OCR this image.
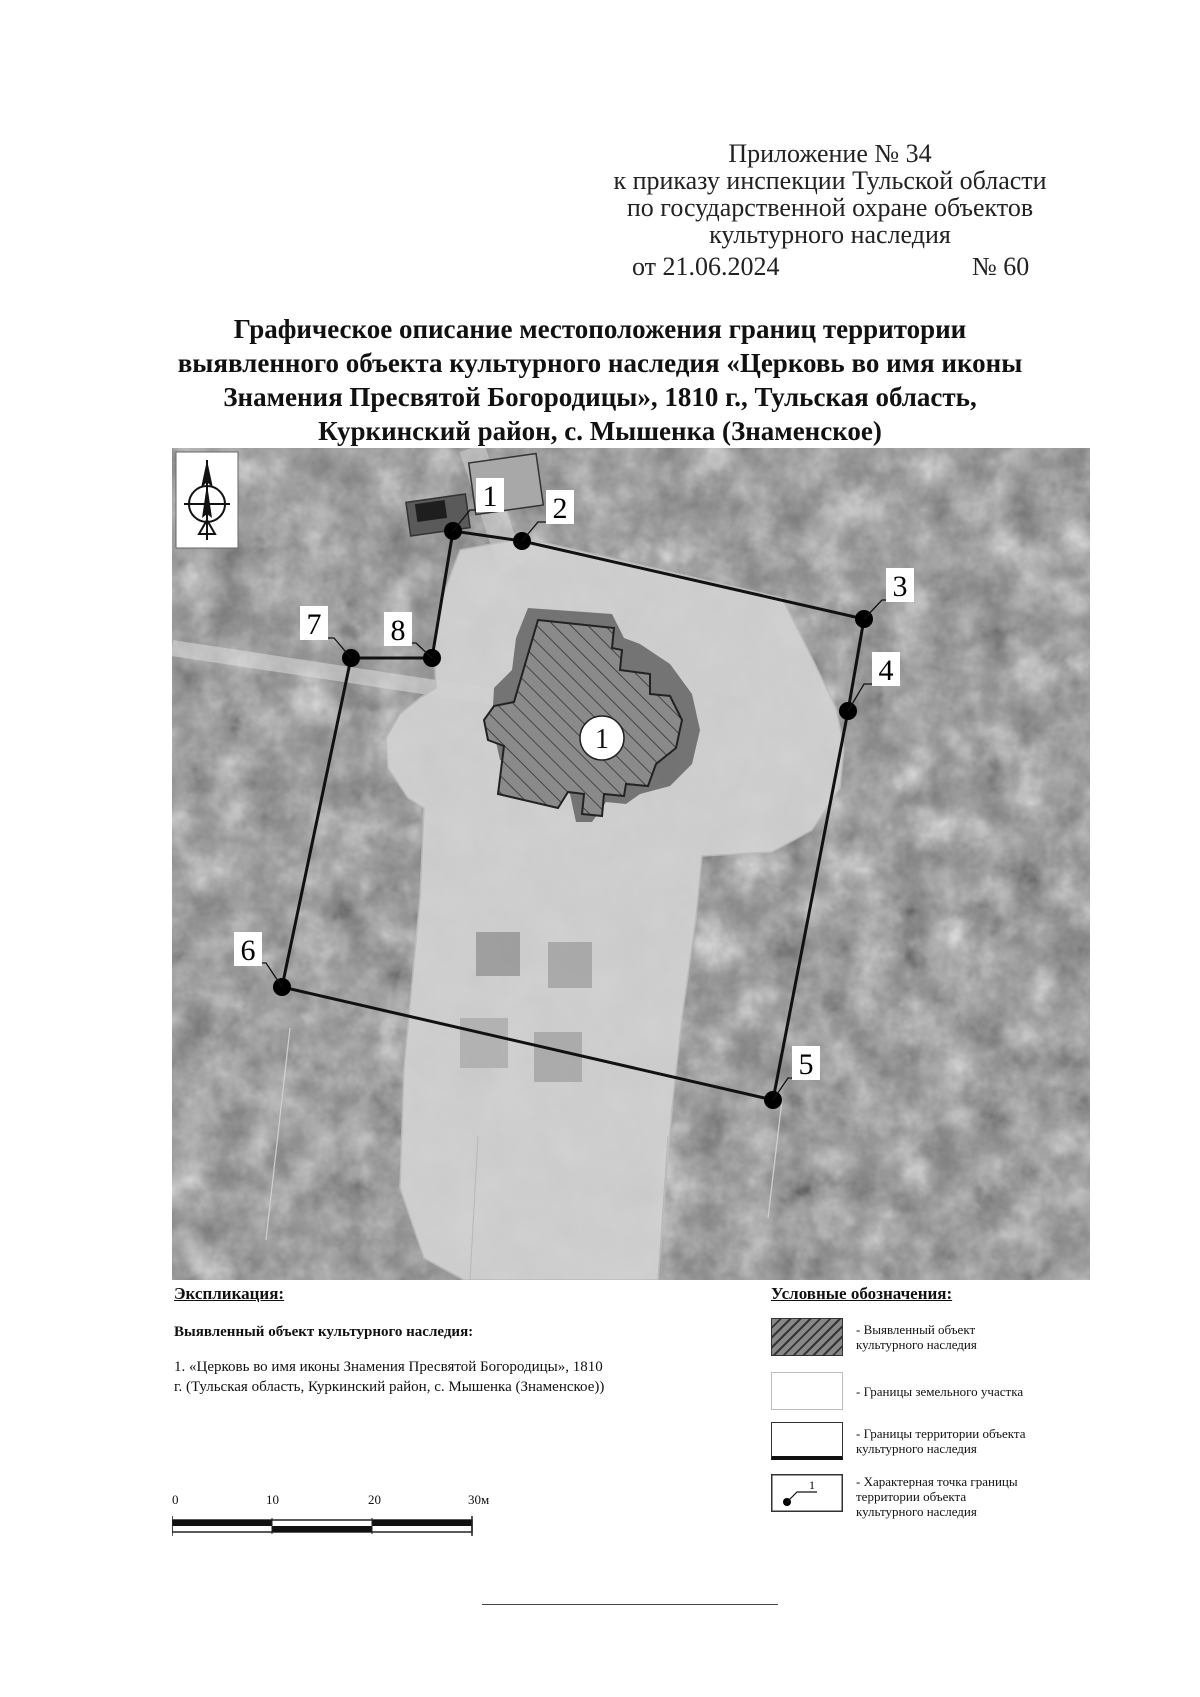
Приложение № 34
к приказу инспекции Тульской области
по государственной охране объектов
культурного наследия
от 21.06.2024	№ 60
Графическое описание местоположения границ территории
выявленного объекта культурного наследия «Церковь во имя иконы
Знамения Пресвятой Богородицы», 1810 г., Тульская область,
Куркинский район, с. Мышенка (Знаменское)
1
1 2
3
4
5
6
7 8
Экспликация:
Выявленный объект культурного наследия:
1. «Церковь во имя иконы Знамения Пресвятой Богородицы», 1810
г. (Тульская область, Куркинский район, с. Мышенка (Знаменское))
0	10	20	30м
Условные обозначения:
- Выявленный объект
культурного наследия
- Границы земельного участка
- Границы территории объекта
культурного наследия
1	- Характерная точка границы
территории объекта
культурного наследия
